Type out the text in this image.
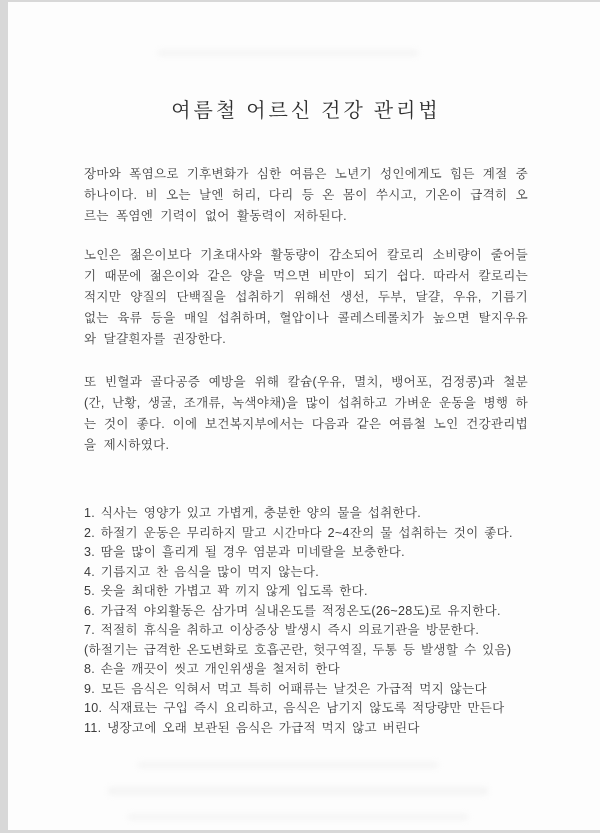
여름철 어르신 건강 관리법

장마와 폭염으로 기후변화가 심한 여름은 노년기 성인에게도 힘든 계절 중 하나이다. 비 오는 날엔 허리, 다리 등 온 몸이 쑤시고, 기온이 급격히 오르는 폭염엔 기력이 없어 활동력이 저하된다.

노인은 젊은이보다 기초대사와 활동량이 감소되어 칼로리 소비량이 줄어들기 때문에 젊은이와 같은 양을 먹으면 비만이 되기 쉽다. 따라서 칼로리는 적지만 양질의 단백질을 섭취하기 위해선 생선, 두부, 달걀, 우유, 기름기 없는 육류 등을 매일 섭취하며, 혈압이나 콜레스테롤치가 높으면 탈지우유와 달걀흰자를 권장한다.

또 빈혈과 골다공증 예방을 위해 칼슘(우유, 멸치, 뱅어포, 검정콩)과 철분(간, 난황, 생굴, 조개류, 녹색야채)을 많이 섭취하고 가벼운 운동을 병행 하는 것이 좋다. 이에 보건복지부에서는 다음과 같은 여름철 노인 건강관리법을 제시하였다.

1. 식사는 영양가 있고 가볍게, 충분한 양의 물을 섭취한다.

2. 하절기 운동은 무리하지 말고 시간마다 2~4잔의 물 섭취하는 것이 좋다.

3. 땀을 많이 흘리게 될 경우 염분과 미네랄을 보충한다.

4. 기름지고 찬 음식을 많이 먹지 않는다.

5. 옷을 최대한 가볍고 꽉 끼지 않게 입도록 한다.

6. 가급적 야외활동은 삼가며 실내온도를 적정온도(26~28도)로 유지한다.

7. 적절히 휴식을 취하고 이상증상 발생시 즉시 의료기관을 방문한다.

(하절기는 급격한 온도변화로 호흡곤란, 헛구역질, 두통 등 발생할 수 있음)

8. 손을 깨끗이 씻고 개인위생을 철저히 한다

9. 모든 음식은 익혀서 먹고 특히 어패류는 날것은 가급적 먹지 않는다

10. 식재료는 구입 즉시 요리하고, 음식은 남기지 않도록 적당량만 만든다

11. 냉장고에 오래 보관된 음식은 가급적 먹지 않고 버린다
